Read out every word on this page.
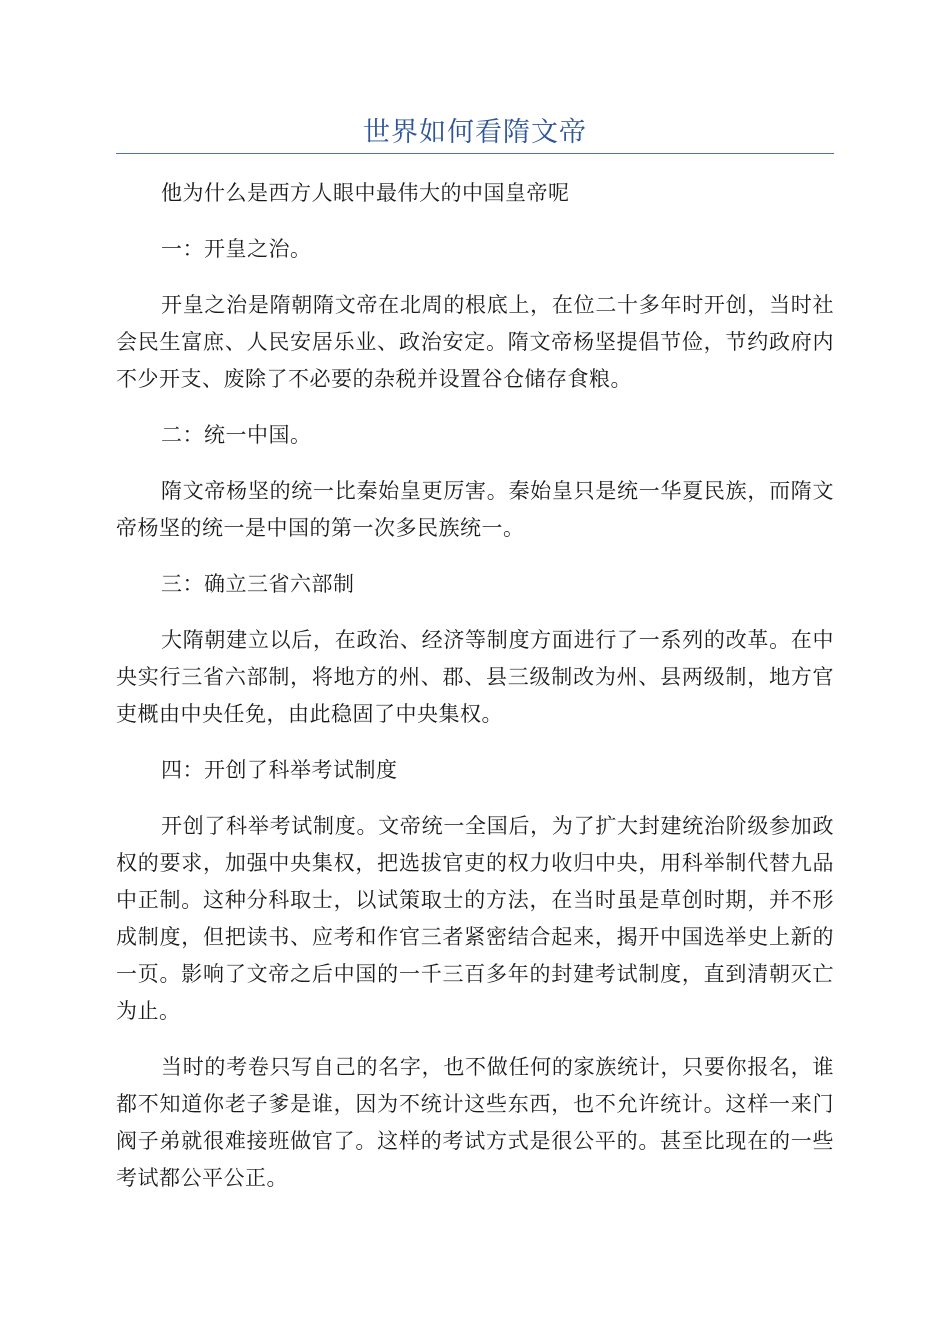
世界如何看隋文帝

他为什么是西方人眼中最伟大的中国皇帝呢

一：开皇之治。

开皇之治是隋朝隋文帝在北周的根底上，在位二十多年时开创，当时社会民生富庶、人民安居乐业、政治安定。隋文帝杨坚提倡节俭，节约政府内不少开支、废除了不必要的杂税并设置谷仓储存食粮。

二：统一中国。

隋文帝杨坚的统一比秦始皇更厉害。秦始皇只是统一华夏民族，而隋文帝杨坚的统一是中国的第一次多民族统一。

三：确立三省六部制

大隋朝建立以后，在政治、经济等制度方面进行了一系列的改革。在中央实行三省六部制，将地方的州、郡、县三级制改为州、县两级制，地方官吏概由中央任免，由此稳固了中央集权。

四：开创了科举考试制度

开创了科举考试制度。文帝统一全国后，为了扩大封建统治阶级参加政权的要求，加强中央集权，把选拔官吏的权力收归中央，用科举制代替九品中正制。这种分科取士，以试策取士的方法，在当时虽是草创时期，并不形成制度，但把读书、应考和作官三者紧密结合起来，揭开中国选举史上新的一页。影响了文帝之后中国的一千三百多年的封建考试制度，直到清朝灭亡为止。

当时的考卷只写自己的名字，也不做任何的家族统计，只要你报名，谁都不知道你老子爹是谁，因为不统计这些东西，也不允许统计。这样一来门阀子弟就很难接班做官了。这样的考试方式是很公平的。甚至比现在的一些考试都公平公正。
